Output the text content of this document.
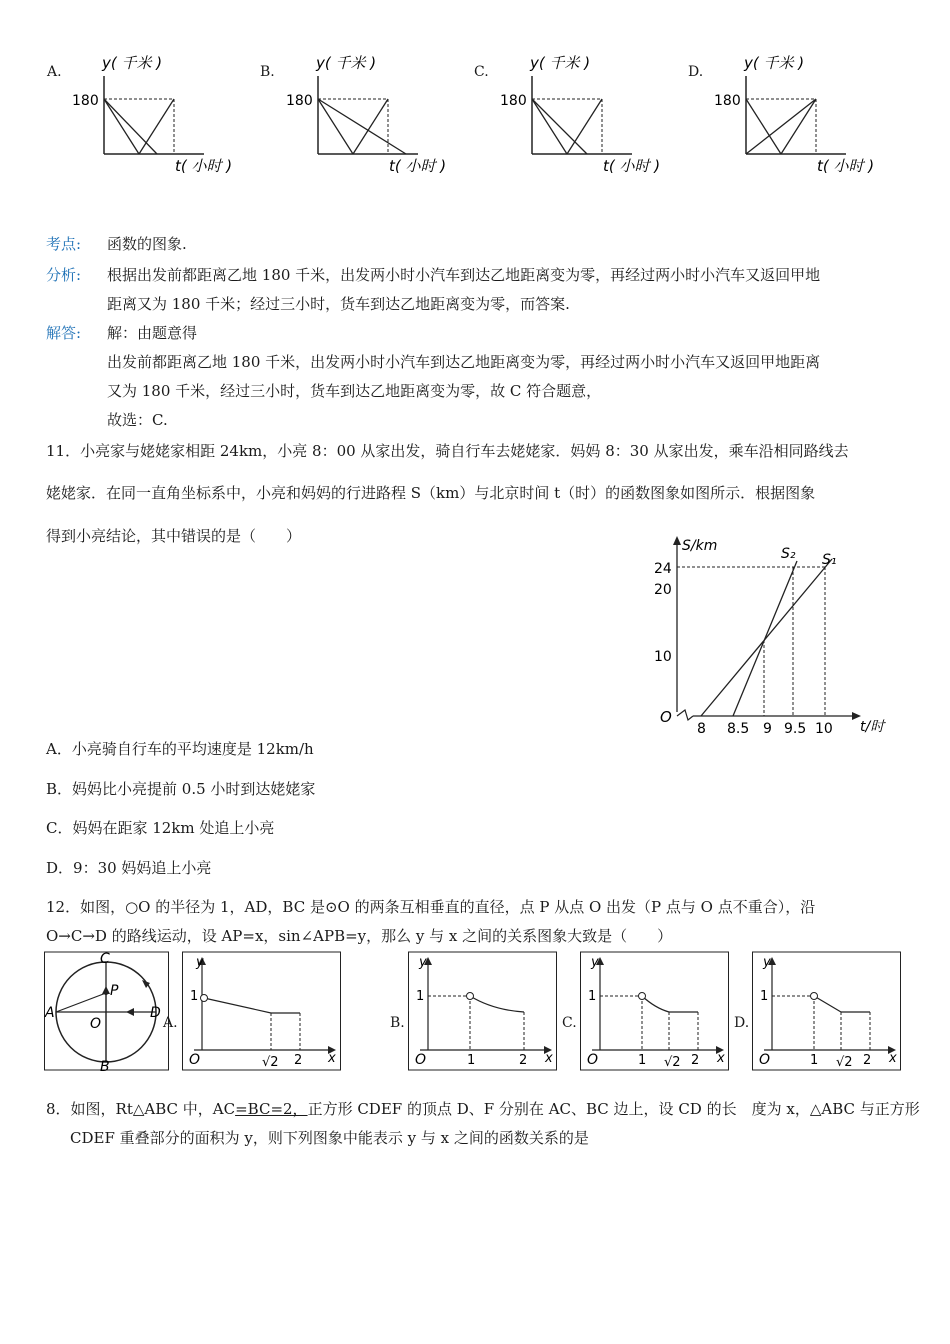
A.	y( 千米 )
180
t( 小时 )
B.	y( 千米 )
180
t( 小时 )
C.	y( 千米 )
180
t( 小时 )
D.	y( 千米 )
180
t( 小时 )
考点: 函数的图象.
分析: 根据出发前都距离乙地 180 千米，出发两小时小汽车到达乙地距离变为零，再经过两小时小汽车又返回甲地
距离又为 180 千米；经过三小时，货车到达乙地距离变为零，而答案.
解答: 解：由题意得
出发前都距离乙地 180 千米，出发两小时小汽车到达乙地距离变为零，再经过两小时小汽车又返回甲地距离
又为 180 千米，经过三小时，货车到达乙地距离变为零，故 C 符合题意，
故选：C.
11．小亮家与姥姥家相距 24km，小亮 8：00 从家出发，骑自行车去姥姥家．妈妈 8：30 从家出发，乘车沿相同路线去
姥姥家．在同一直角坐标系中，小亮和妈妈的行进路程 S（km）与北京时间 t（时）的函数图象如图所示．根据图象
得到小亮结论，其中错误的是（　　）
S/km
O
t/时
24
20
10
8 8.5 9 9.5 10
S₂ S₁
A．小亮骑自行车的平均速度是 12km/h
B．妈妈比小亮提前 0.5 小时到达姥姥家
C．妈妈在距家 12km 处追上小亮
D．9：30 妈妈追上小亮
12．如图，○O 的半径为 1，AD，BC 是⊙O 的两条互相垂直的直径，点 P 从点 O 出发（P 点与 O 点不重合），沿
O→C→D 的路线运动，设 AP=x，sin∠APB=y，那么 y 与 x 之间的关系图象大致是（　　）
C
B
A	D
O
P
A.
y
1
O	√2 2 x
B.
y
1
O	1	2 x
C.
y
1
O	1 √2 2 x
D.
y
1
O	1 √2 2 x
8．如图，Rt△ABC 中，AC=BC=2，正方形 CDEF 的顶点 D、F 分别在 AC、BC 边上，设 CD 的长　度为 x，△ABC 与正方形
CDEF 重叠部分的面积为 y，则下列图象中能表示 y 与 x 之间的函数关系的是
